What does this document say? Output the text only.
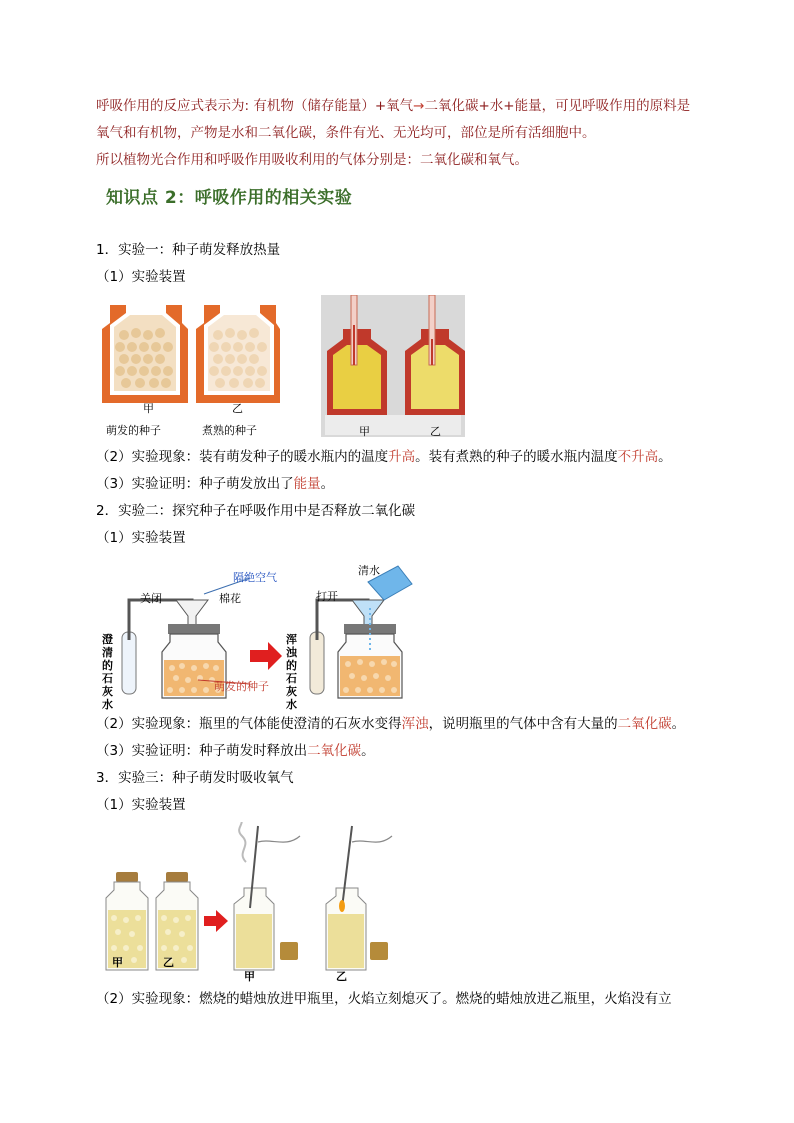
呼吸作用的反应式表示为: 有机物（储存能量）+氧气→二氧化碳+水+能量，可见呼吸作用的原料是
氧气和有机物，产物是水和二氧化碳，条件有光、无光均可，部位是所有活细胞中。
所以植物光合作用和呼吸作用吸收利用的气体分别是：二氧化碳和氧气。
知识点 2：呼吸作用的相关实验
1．实验一：种子萌发释放热量
（1）实验装置
甲	乙
萌发的种子	煮熟的种子	甲	乙
（2）实验现象：装有萌发种子的暖水瓶内的温度升高。装有煮熟的种子的暖水瓶内温度不升高。
（3）实验证明：种子萌发放出了能量。
2．实验二：探究种子在呼吸作用中是否释放二氧化碳
（1）实验装置
隔绝空气
关闭	棉花
澄清
的石
灰水
萌发的种子
清水
打开
浑浊
的石
灰水
（2）实验现象：瓶里的气体能使澄清的石灰水变得浑浊，说明瓶里的气体中含有大量的二氧化碳。
（3）实验证明：种子萌发时释放出二氧化碳。
3．实验三：种子萌发时吸收氧气
（1）实验装置
甲	乙
甲	乙
（2）实验现象：燃烧的蜡烛放进甲瓶里，火焰立刻熄灭了。燃烧的蜡烛放进乙瓶里，火焰没有立
